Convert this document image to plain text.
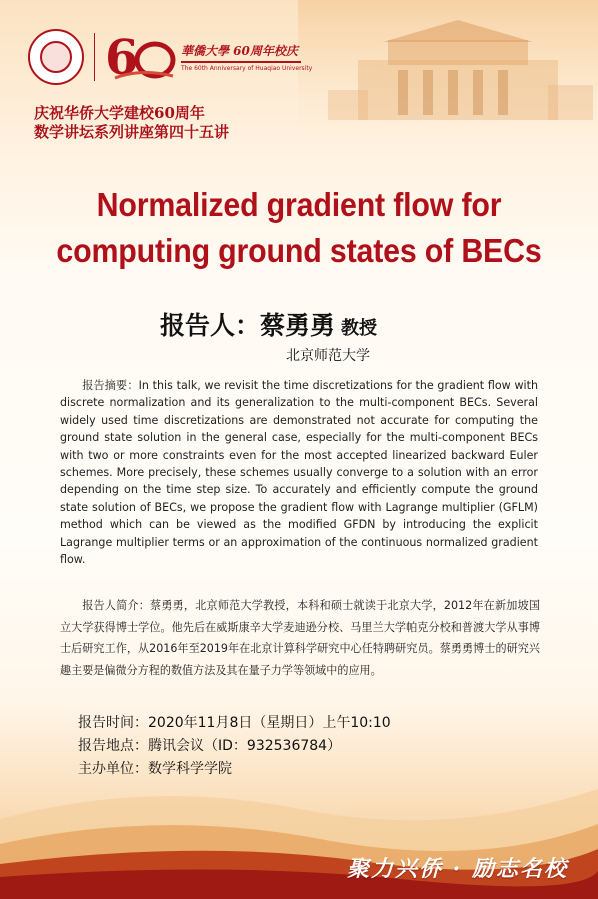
6	華僑大學 60周年校庆
The 60th Anniversary of Huaqiao University
庆祝华侨大学建校60周年
数学讲坛系列讲座第四十五讲
Normalized gradient flow for
computing ground states of BECs
报告人：蔡勇勇 教授
北京师范大学
报告摘要：In this talk, we revisit the time discretizations for the gradient flow with discrete normalization and its generalization to the multi-component BECs. Several widely used time discretizations are demonstrated not accurate for computing the ground state solution in the general case, especially for the multi-component BECs with two or more constraints even for the most accepted linearized backward Euler schemes. More precisely, these schemes usually converge to a solution with an error depending on the time step size. To accurately and efficiently compute the ground state solution of BECs, we propose the gradient flow with Lagrange multiplier (GFLM) method which can be viewed as the modified GFDN by introducing the explicit Lagrange multiplier terms or an approximation of the continuous normalized gradient flow.
报告人简介：蔡勇勇，北京师范大学教授，本科和硕士就读于北京大学，2012年在新加坡国立大学获得博士学位。他先后在威斯康辛大学麦迪逊分校、马里兰大学帕克分校和普渡大学从事博士后研究工作，从2016年至2019年在北京计算科学研究中心任特聘研究员。蔡勇勇博士的研究兴趣主要是偏微分方程的数值方法及其在量子力学等领域中的应用。
报告时间：2020年11月8日（星期日）上午10:10
报告地点：腾讯会议（ID：932536784）
主办单位：数学科学学院
聚力兴侨 · 励志名校
